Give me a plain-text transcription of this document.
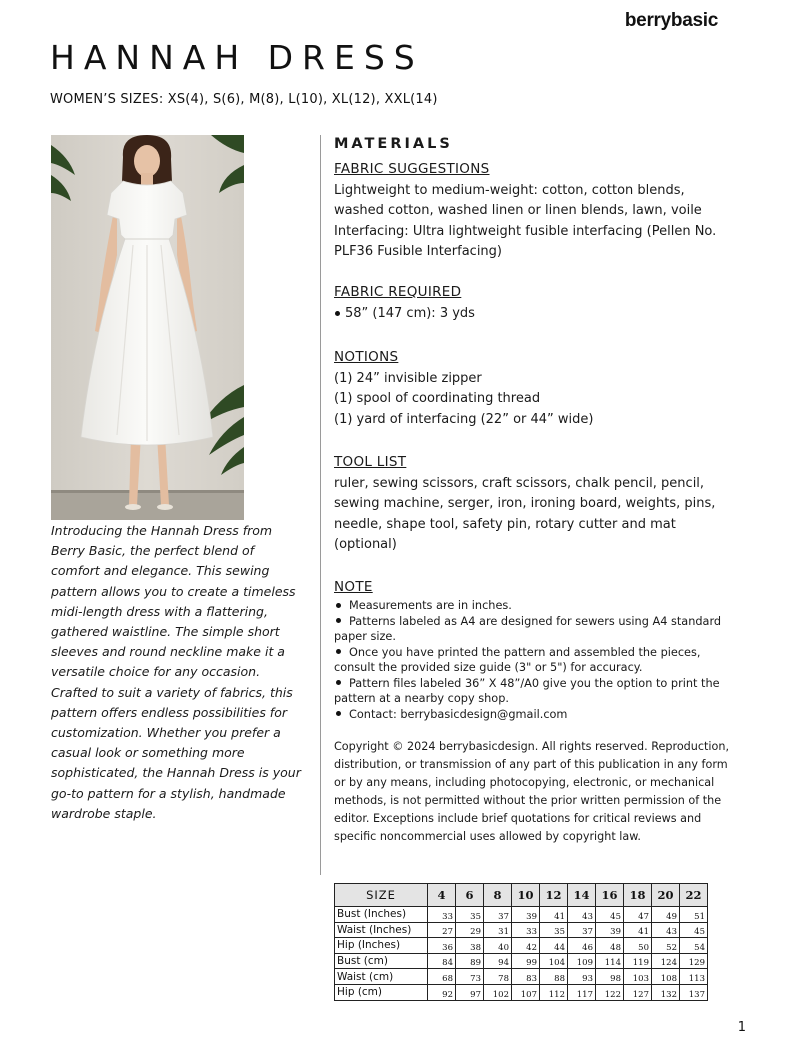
berrybasic
HANNAH DRESS
WOMEN’S SIZES: XS(4), S(6), M(8), L(10), XL(12), XXL(14)
Introducing the Hannah Dress from Berry Basic, the perfect blend of comfort and elegance. This sewing pattern allows you to create a timeless midi-length dress with a flattering, gathered waistline. The simple short sleeves and round neckline make it a versatile choice for any occasion. Crafted to suit a variety of fabrics, this pattern offers endless possibilities for customization. Whether you prefer a casual look or something more sophisticated, the Hannah Dress is your go-to pattern for a stylish, handmade wardrobe staple.
MATERIALS
FABRIC SUGGESTIONS
Lightweight to medium-weight: cotton, cotton blends, washed cotton, washed linen or linen blends, lawn, voile Interfacing: Ultra lightweight fusible interfacing (Pellen No. PLF36 Fusible Interfacing)
FABRIC REQUIRED
58” (147 cm): 3 yds
NOTIONS
(1) 24” invisible zipper
(1) spool of coordinating thread
(1) yard of interfacing (22” or 44” wide)
TOOL LIST
ruler, sewing scissors, craft scissors, chalk pencil, pencil, sewing machine, serger, iron, ironing board, weights, pins, needle, shape tool, safety pin, rotary cutter and mat (optional)
NOTE
Measurements are in inches.
Patterns labeled as A4 are designed for sewers using A4 standard paper size.
Once you have printed the pattern and assembled the pieces, consult the provided size guide (3" or 5") for accuracy.
Pattern files labeled 36” X 48”/A0 give you the option to print the pattern at a nearby copy shop.
Contact: berrybasicdesign@gmail.com
Copyright © 2024 berrybasicdesign. All rights reserved. Reproduction, distribution, or transmission of any part of this publication in any form or by any means, including photocopying, electronic, or mechanical methods, is not permitted without the prior written permission of the editor. Exceptions include brief quotations for critical reviews and specific noncommercial uses allowed by copyright law.
SIZE	4	6	8	10	12	14	16	18	20	22
Bust (Inches)	33	35	37	39	41	43	45	47	49	51
Waist (Inches)	27	29	31	33	35	37	39	41	43	45
Hip (Inches)	36	38	40	42	44	46	48	50	52	54
Bust (cm)	84	89	94	99	104	109	114	119	124	129
Waist (cm)	68	73	78	83	88	93	98	103	108	113
Hip (cm)	92	97	102	107	112	117	122	127	132	137
1
